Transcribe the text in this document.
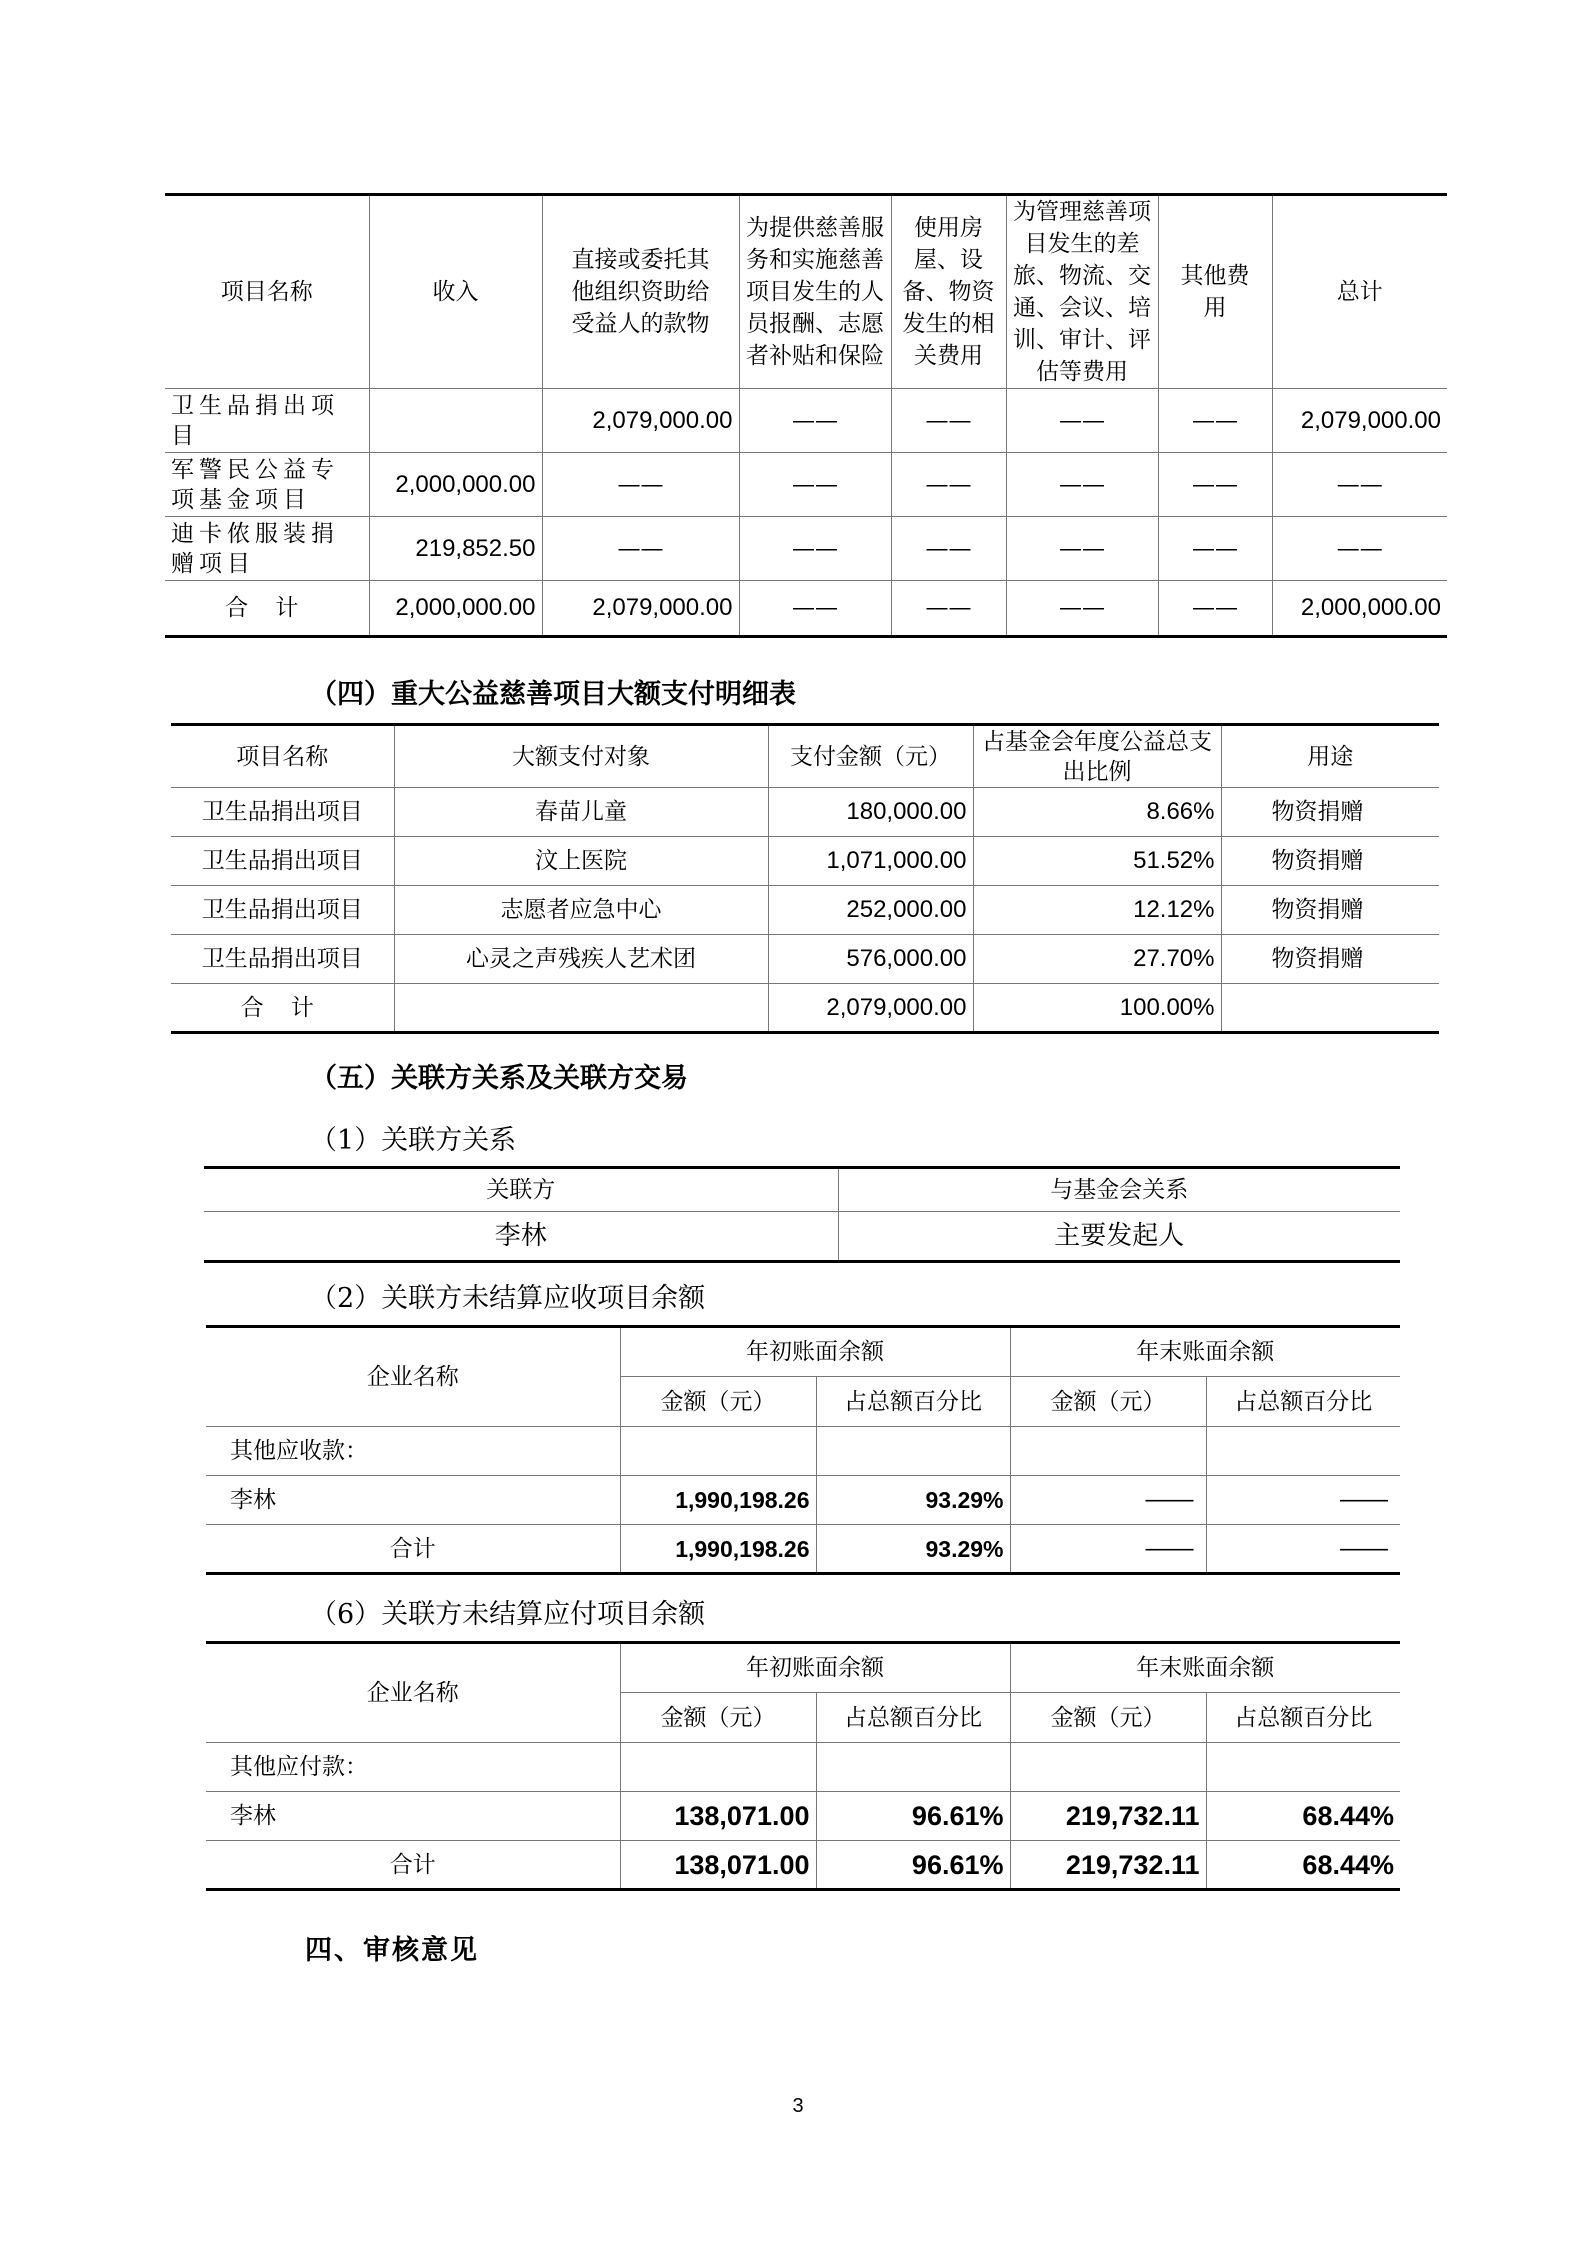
项目名称	收入	直接或委托其他组织资助给受益人的款物	为提供慈善服务和实施慈善项目发生的人员报酬、志愿者补贴和保险	使用房屋、设备、物资发生的相关费用	为管理慈善项目发生的差旅、物流、交通、会议、培训、审计、评估等费用	其他费用	总计
卫生品捐出项目		2,079,000.00	——	——	——	——	2,079,000.00
军警民公益专项基金项目	2,000,000.00	——	——	——	——	——	——
迪卡侬服装捐赠项目	219,852.50	——	——	——	——	——	——
合 计	2,000,000.00	2,079,000.00	——	——	——	——	2,000,000.00
（四）重大公益慈善项目大额支付明细表
项目名称	大额支付对象	支付金额（元）	占基金会年度公益总支出比例	用途
卫生品捐出项目	春苗儿童	180,000.00	8.66%	物资捐赠
卫生品捐出项目	汶上医院	1,071,000.00	51.52%	物资捐赠
卫生品捐出项目	志愿者应急中心	252,000.00	12.12%	物资捐赠
卫生品捐出项目	心灵之声残疾人艺术团	576,000.00	27.70%	物资捐赠
合 计		2,079,000.00	100.00%	
（五）关联方关系及关联方交易
（1）关联方关系
关联方	与基金会关系
李林	主要发起人
（2）关联方未结算应收项目余额
企业名称	年初账面余额		年末账面余额	
	金额（元）	占总额百分比	金额（元）	占总额百分比
其他应收款：				
李林	1,990,198.26	93.29%	——	——
合计	1,990,198.26	93.29%	——	——
（6）关联方未结算应付项目余额
企业名称	年初账面余额		年末账面余额	
	金额（元）	占总额百分比	金额（元）	占总额百分比
其他应付款：				
李林	138,071.00	96.61%	219,732.11	68.44%
合计	138,071.00	96.61%	219,732.11	68.44%
四、审核意见
3
